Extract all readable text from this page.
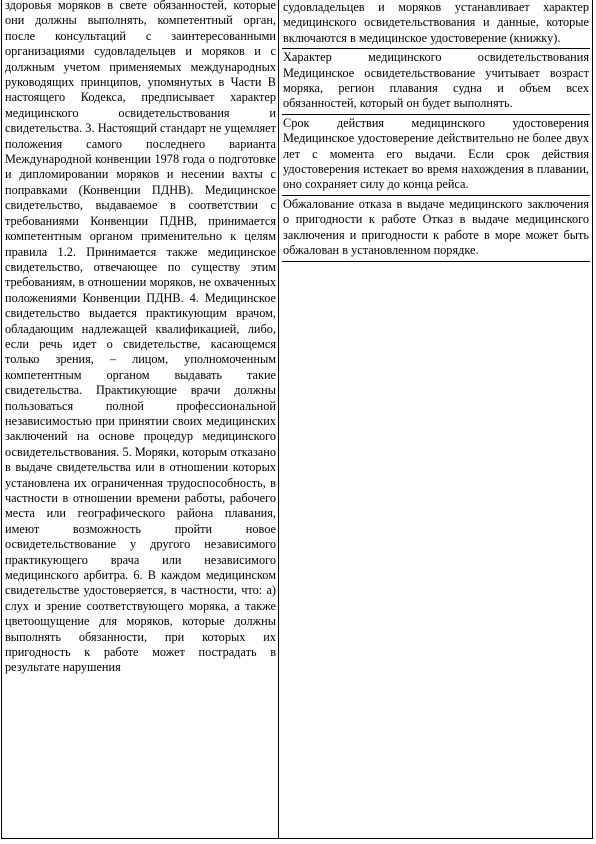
здоровья моряков в свете обязанностей, которые они должны выполнять, компетентный орган, после консультаций с заинтересованными организациями судовладельцев и моряков и с должным учетом применяемых международных руководящих принципов, упомянутых в Части В настоящего Кодекса, предписывает характер медицинского освидетельствования и свидетельства. 3. Настоящий стандарт не ущемляет положения самого последнего варианта Международной конвенции 1978 года о подготовке и дипломировании моряков и несении вахты с поправками (Конвенции ПДНВ). Медицинское свидетельство, выдаваемое в соответствии с требованиями Конвенции ПДНВ, принимается компетентным органом применительно к целям правила 1.2. Принимается также медицинское свидетельство, отвечающее по существу этим требованиям, в отношении моряков, не охваченных положениями Конвенции ПДНВ. 4. Медицинское свидетельство выдается практикующим врачом, обладающим надлежащей квалификацией, либо, если речь идет о свидетельстве, касающемся только зрения, – лицом, уполномоченным компетентным органом выдавать такие свидетельства. Практикующие врачи должны пользоваться полной профессиональной независимостью при принятии своих медицинских заключений на основе процедур медицинского освидетельствования. 5. Моряки, которым отказано в выдаче свидетельства или в отношении которых установлена их ограниченная трудоспособность, в частности в отношении времени работы, рабочего места или географического района плавания, имеют возможность пройти новое освидетельствование у другого независимого практикующего врача или независимого медицинского арбитра. 6. В каждом медицинском свидетельстве удостоверяется, в частности, что: а) слух и зрение соответствующего моряка, а также цветоощущение для моряков, которые должны выполнять обязанности, при которых их пригодность к работе может пострадать в результате нарушения

судовладельцев и моряков устанавливает характер медицинского освидетельствования и данные, которые включаются в медицинское удостоверение (книжку).

Характер медицинского освидетельствования Медицинское освидетельствование учитывает возраст моряка, регион плавания судна и объем всех обязанностей, который он будет выполнять.

Срок действия медицинского удостоверения Медицинское удостоверение действительно не более двух лет с момента его выдачи. Если срок действия удостоверения истекает во время нахождения в плавании, оно сохраняет силу до конца рейса.

Обжалование отказа в выдаче медицинского заключения о пригодности к работе Отказ в выдаче медицинского заключения и пригодности к работе в море может быть обжалован в установленном порядке.
